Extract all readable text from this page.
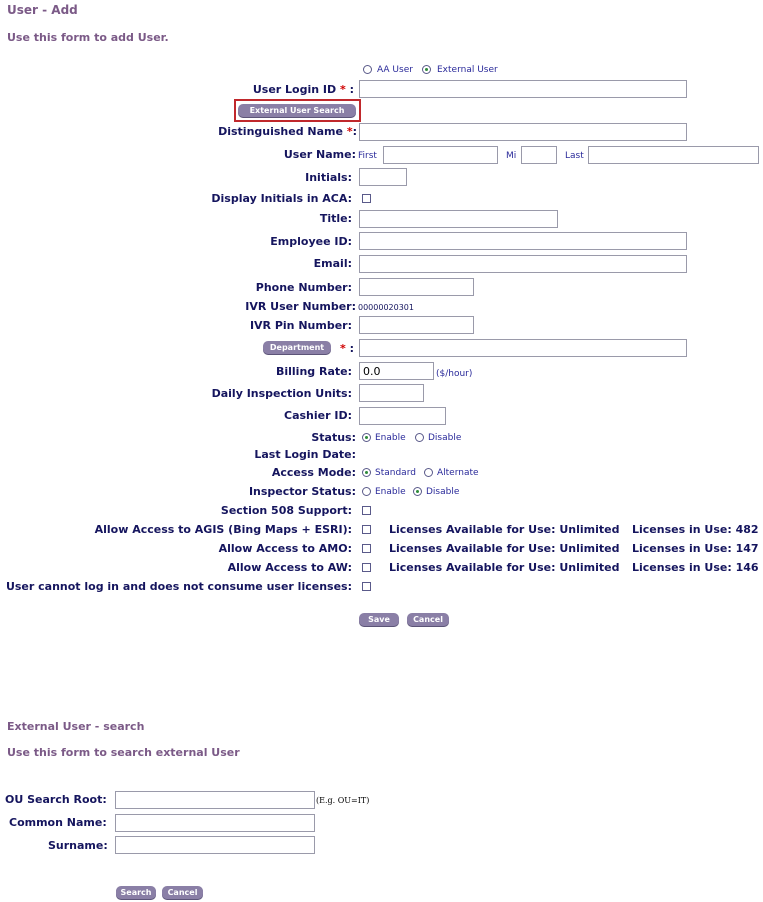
User - Add
Use this form to add User.
AA User	External User
User Login ID * :
External User Search
Distinguished Name *:
User Name: First	Mi	Last
Initials:
Display Initials in ACA:
Title:
Employee ID:
Email:
Phone Number:
IVR User Number: 00000020301
IVR Pin Number:
Department	* :
Billing Rate:
0.0	($/hour)
Daily Inspection Units:
Cashier ID:
Status: Enable Disable
Last Login Date:
Access Mode: Standard Alternate
Inspector Status: Enable Disable
Section 508 Support:
Allow Access to AGIS (Bing Maps + ESRI):	Licenses Available for Use: Unlimited Licenses in Use: 482
Allow Access to AMO:	Licenses Available for Use: Unlimited Licenses in Use: 147
Allow Access to AW:	Licenses Available for Use: Unlimited Licenses in Use: 146
User cannot log in and does not consume user licenses:
Save	Cancel
External User - search
Use this form to search external User
OU Search Root:	(E.g. OU=IT)
Common Name:
Surname:
Search	Cancel
